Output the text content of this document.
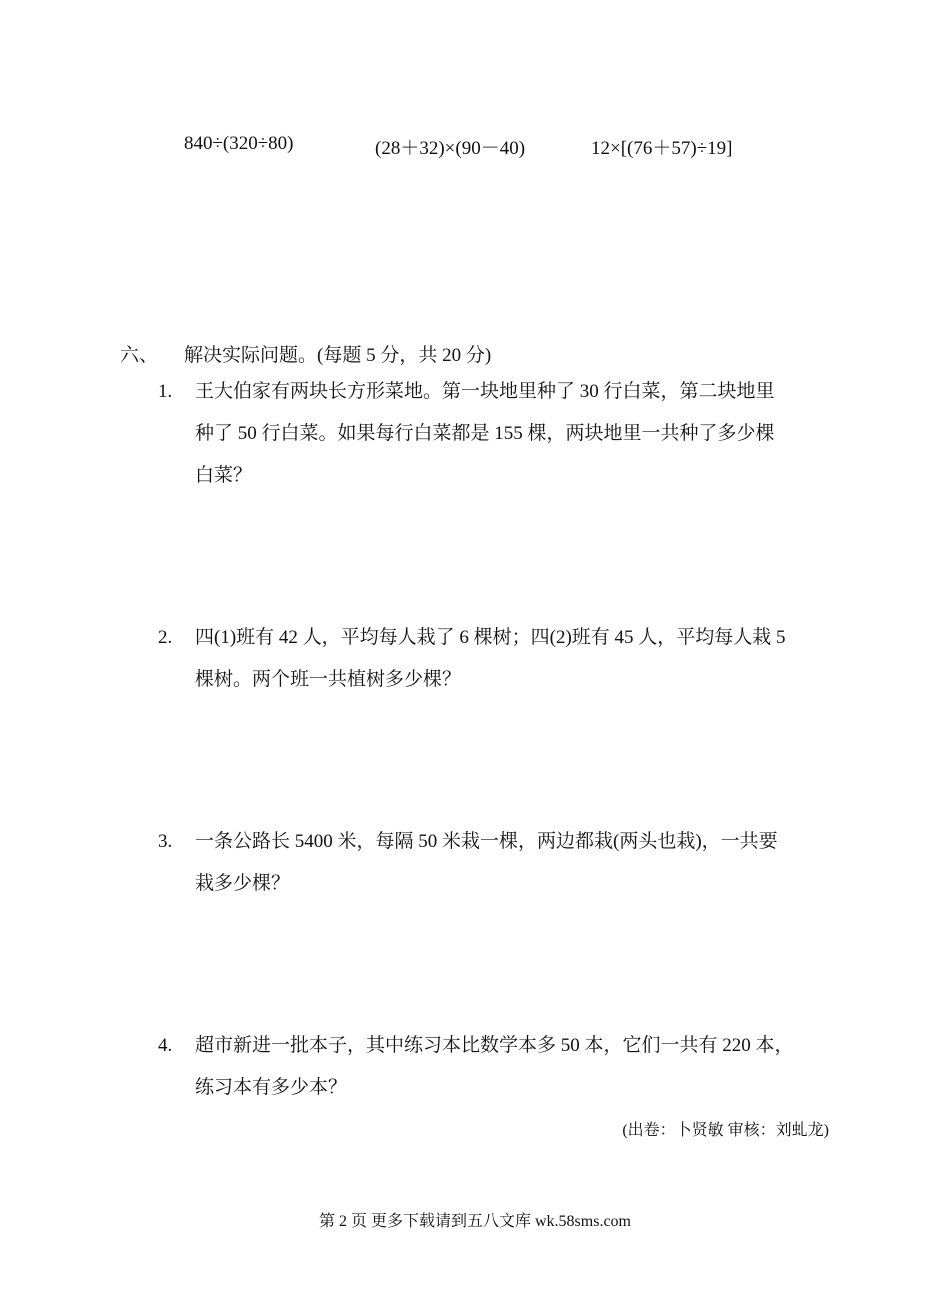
840÷(320÷80)	(28＋32)×(90－40)	12×[(76＋57)÷19]
六、 解决实际问题。(每题 5 分，共 20 分)
1.	王大伯家有两块长方形菜地。第一块地里种了 30 行白菜，第二块地里
种了 50 行白菜。如果每行白菜都是 155 棵，两块地里一共种了多少棵
白菜？
2.	四(1)班有 42 人，平均每人栽了 6 棵树；四(2)班有 45 人，平均每人栽 5
棵树。两个班一共植树多少棵？
3.	一条公路长 5400 米，每隔 50 米栽一棵，两边都栽(两头也栽)，一共要
栽多少棵？
4.	超市新进一批本子，其中练习本比数学本多 50 本，它们一共有 220 本，
练习本有多少本？
(出卷：卜贤敏 审核：刘虬龙)
第 2 页 更多下载请到五八文库 wk.58sms.com
